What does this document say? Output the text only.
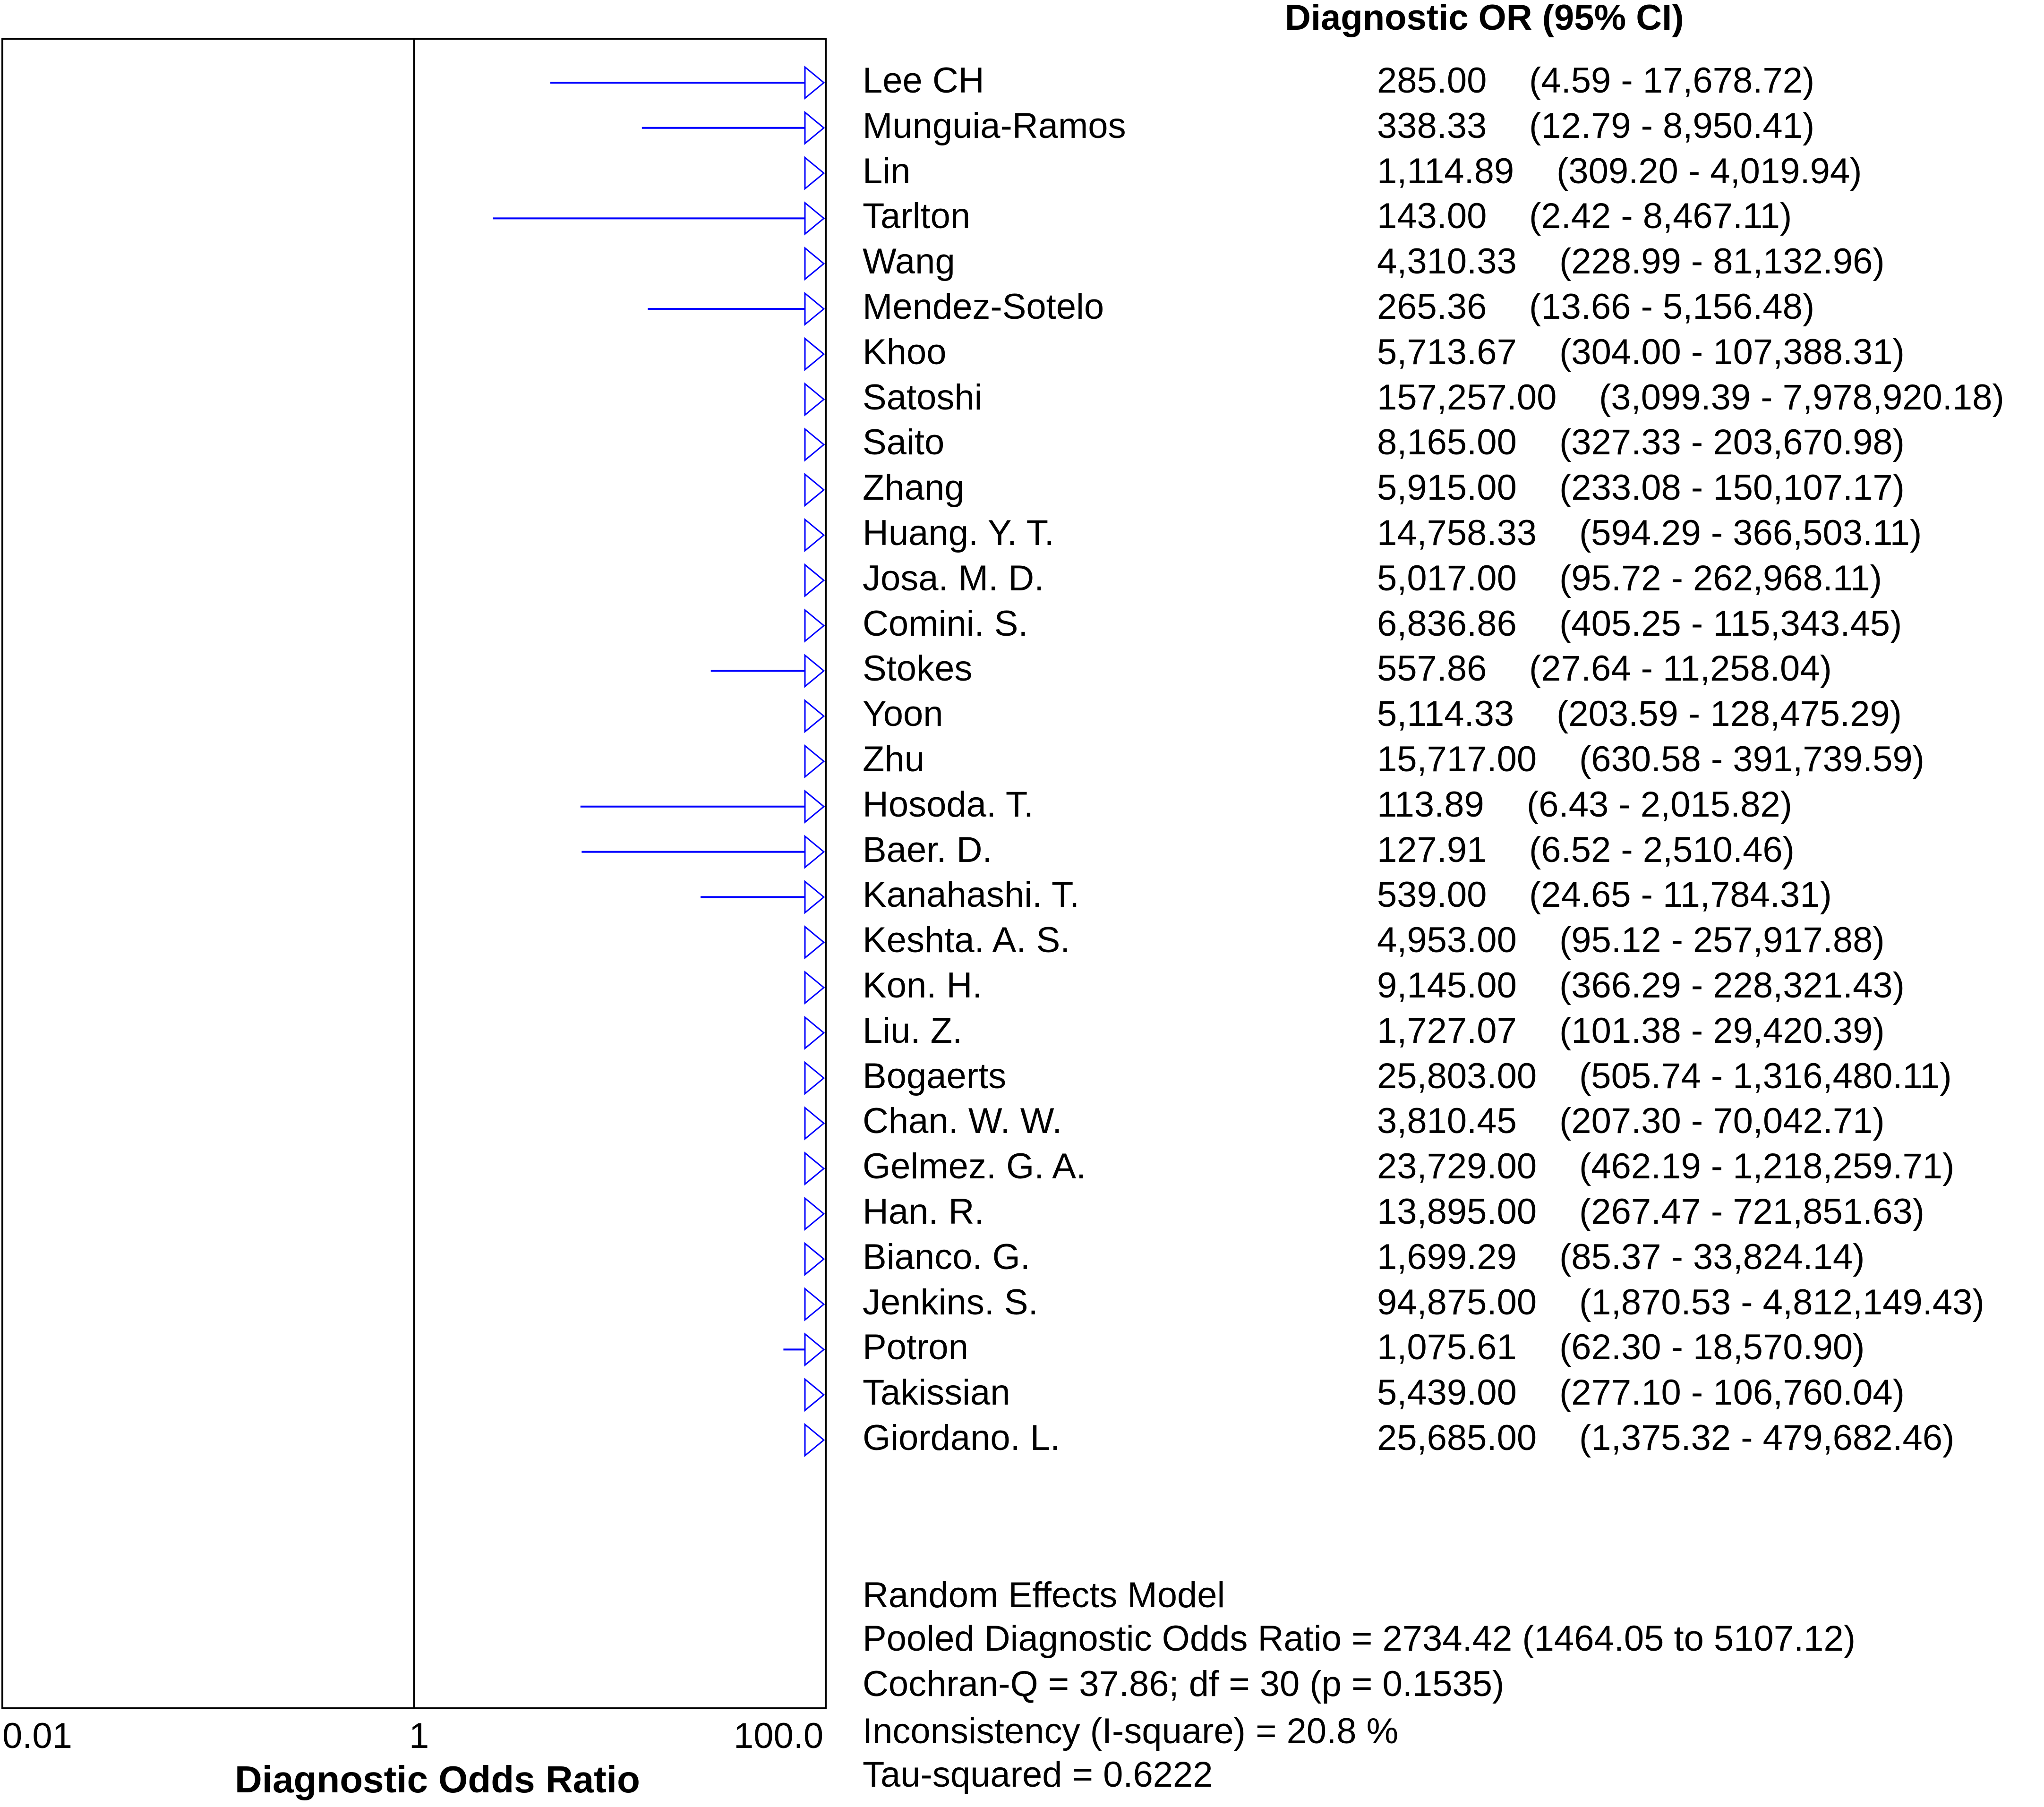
Diagnostic OR (95% CI)
Lee CH	285.00 (4.59 - 17,678.72)
Munguia-Ramos	338.33 (12.79 - 8,950.41)
Lin	1,114.89 (309.20 - 4,019.94)
Tarlton	143.00 (2.42 - 8,467.11)
Wang	4,310.33 (228.99 - 81,132.96)
Mendez-Sotelo	265.36 (13.66 - 5,156.48)
Khoo	5,713.67 (304.00 - 107,388.31)
Satoshi	157,257.00 (3,099.39 - 7,978,920.18)
Saito	8,165.00 (327.33 - 203,670.98)
Zhang	5,915.00 (233.08 - 150,107.17)
Huang. Y. T.	14,758.33 (594.29 - 366,503.11)
Josa. M. D.	5,017.00 (95.72 - 262,968.11)
Comini. S.	6,836.86 (405.25 - 115,343.45)
Stokes	557.86 (27.64 - 11,258.04)
Yoon	5,114.33 (203.59 - 128,475.29)
Zhu	15,717.00 (630.58 - 391,739.59)
Hosoda. T.	113.89 (6.43 - 2,015.82)
Baer. D.	127.91 (6.52 - 2,510.46)
Kanahashi. T.	539.00 (24.65 - 11,784.31)
Keshta. A. S.	4,953.00 (95.12 - 257,917.88)
Kon. H.	9,145.00 (366.29 - 228,321.43)
Liu. Z.	1,727.07 (101.38 - 29,420.39)
Bogaerts	25,803.00 (505.74 - 1,316,480.11)
Chan. W. W.	3,810.45 (207.30 - 70,042.71)
Gelmez. G. A.	23,729.00 (462.19 - 1,218,259.71)
Han. R.	13,895.00 (267.47 - 721,851.63)
Bianco. G.	1,699.29 (85.37 - 33,824.14)
Jenkins. S.	94,875.00 (1,870.53 - 4,812,149.43)
Potron	1,075.61 (62.30 - 18,570.90)
Takissian	5,439.00 (277.10 - 106,760.04)
Giordano. L.	25,685.00 (1,375.32 - 479,682.46)
0.01	1	100.0
Diagnostic Odds Ratio
Random Effects Model
Pooled Diagnostic Odds Ratio = 2734.42 (1464.05 to 5107.12)
Cochran-Q = 37.86; df = 30 (p = 0.1535)
Inconsistency (I-square) = 20.8 %
Tau-squared = 0.6222
